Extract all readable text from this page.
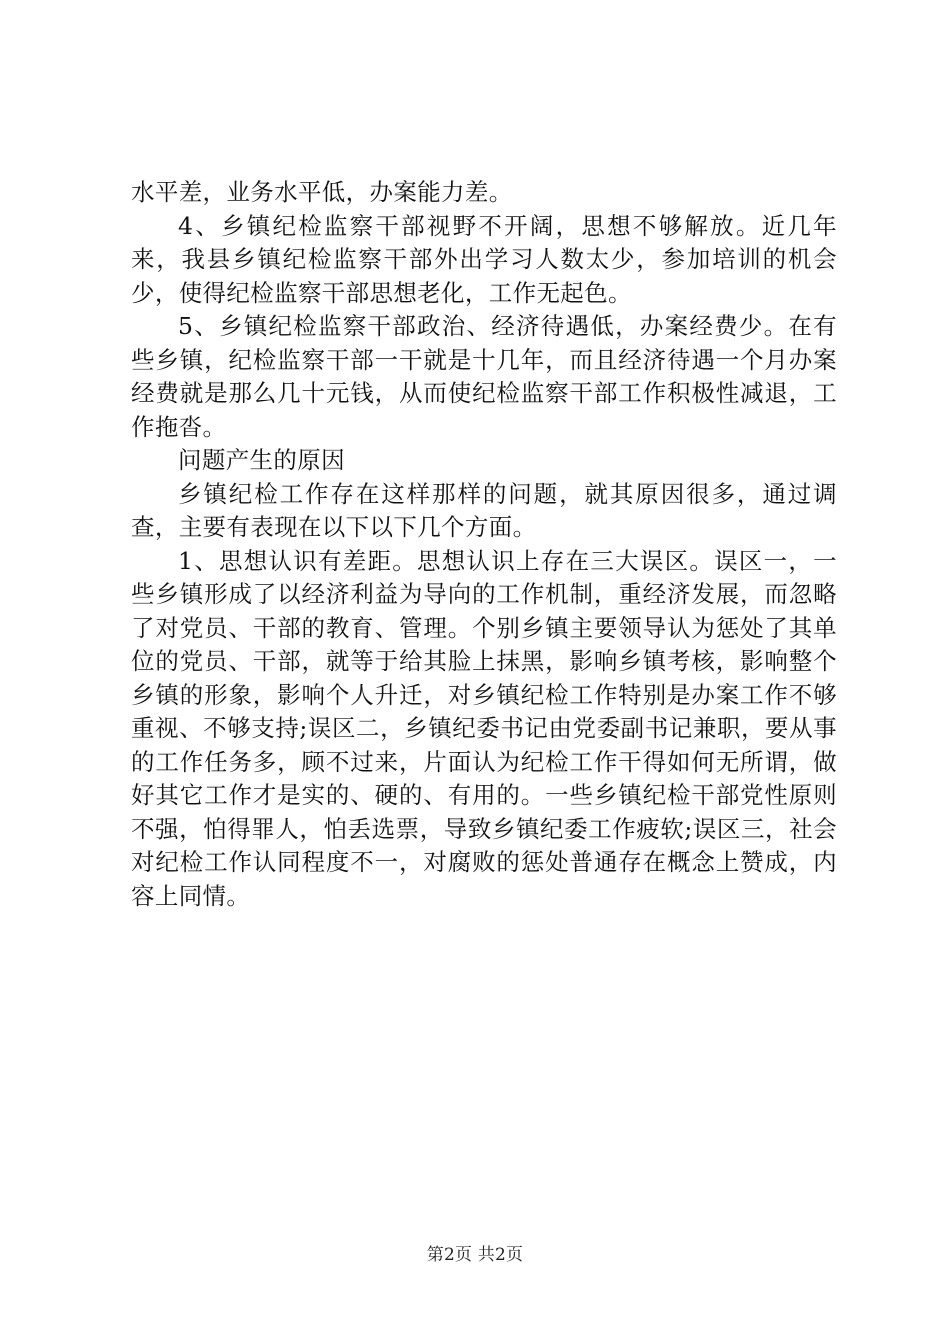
水平差，业务水平低，办案能力差。

4、乡镇纪检监察干部视野不开阔，思想不够解放。近几年来，我县乡镇纪检监察干部外出学习人数太少，参加培训的机会少，使得纪检监察干部思想老化，工作无起色。

5、乡镇纪检监察干部政治、经济待遇低，办案经费少。在有些乡镇，纪检监察干部一干就是十几年，而且经济待遇一个月办案经费就是那么几十元钱，从而使纪检监察干部工作积极性减退，工作拖沓。

问题产生的原因

乡镇纪检工作存在这样那样的问题，就其原因很多，通过调查，主要有表现在以下以下几个方面。

1、思想认识有差距。思想认识上存在三大误区。误区一，一些乡镇形成了以经济利益为导向的工作机制，重经济发展，而忽略了对党员、干部的教育、管理。个别乡镇主要领导认为惩处了其单位的党员、干部，就等于给其脸上抹黑，影响乡镇考核，影响整个乡镇的形象，影响个人升迁，对乡镇纪检工作特别是办案工作不够重视、不够支持;误区二，乡镇纪委书记由党委副书记兼职，要从事的工作任务多，顾不过来，片面认为纪检工作干得如何无所谓，做好其它工作才是实的、硬的、有用的。一些乡镇纪检干部党性原则不强，怕得罪人，怕丢选票，导致乡镇纪委工作疲软;误区三，社会对纪检工作认同程度不一，对腐败的惩处普通存在概念上赞成，内容上同情。

第2页 共2页
